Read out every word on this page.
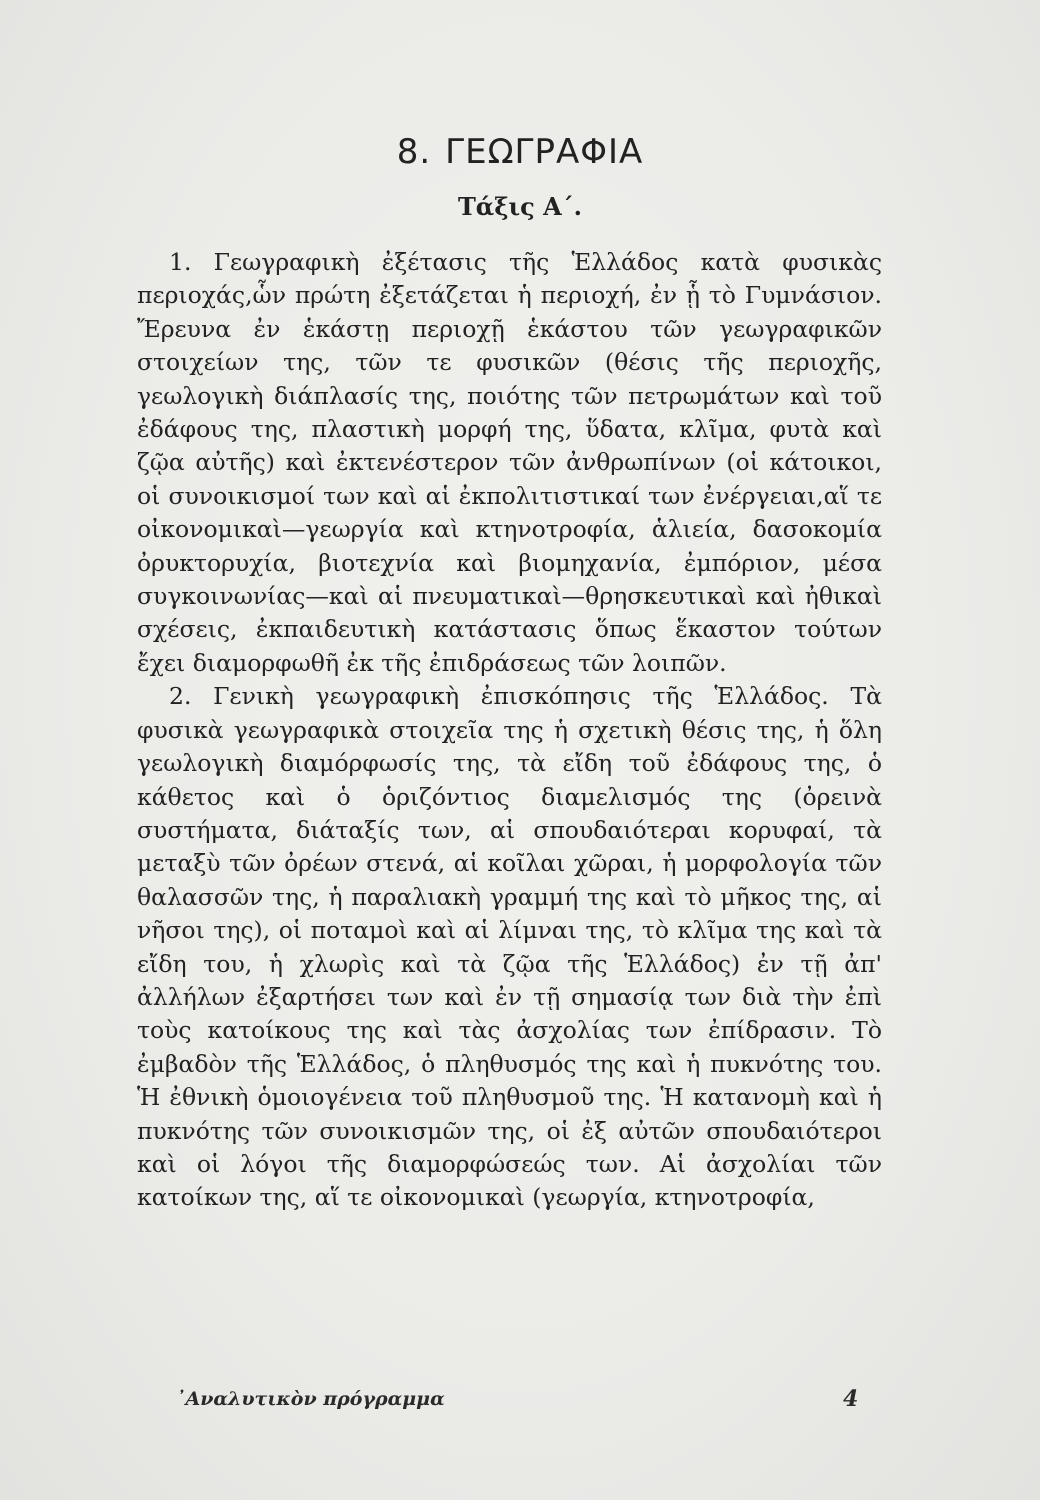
8. ΓΕΩΓΡΑΦΙΑ
Τάξις Α΄.

1. Γεωγραφικὴ ἐξέτασις τῆς Ἑλλάδος κατὰ φυσικὰς περιοχάς,ὧν πρώτη ἐξετάζεται ἡ περιοχή, ἐν ᾗ τὸ Γυμνάσιον. Ἔρευνα ἐν ἑκάστῃ περιοχῇ ἑκάστου τῶν γεωγραφικῶν στοιχείων της, τῶν τε φυσικῶν (θέσις τῆς περιοχῆς, γεωλογικὴ διάπλασίς της, ποιότης τῶν πετρωμάτων καὶ τοῦ ἐδάφους της, πλαστικὴ μορφή της, ὕδατα, κλῖμα, φυτὰ καὶ ζῷα αὐτῆς) καὶ ἐκτενέστερον τῶν ἀνθρωπίνων (οἱ κάτοικοι, οἱ συνοικισμοί των καὶ αἱ ἐκπολιτιστικαί των ἐνέργειαι,αἵ τε οἰκονομικαὶ—γεωργία καὶ κτηνοτροφία, ἁλιεία, δασοκομία ὀρυκτορυχία, βιοτεχνία καὶ βιομηχανία, ἐμπόριον, μέσα συγκοινωνίας—καὶ αἱ πνευματικαὶ—θρησκευτικαὶ καὶ ἠθικαὶ σχέσεις, ἐκπαιδευτικὴ κατάστασις ὅπως ἕκαστον τούτων ἔχει διαμορφωθῆ ἐκ τῆς ἐπιδράσεως τῶν λοιπῶν.

2. Γενικὴ γεωγραφικὴ ἐπισκόπησις τῆς Ἑλλάδος. Τὰ φυσικὰ γεωγραφικὰ στοιχεῖα της ἡ σχετικὴ θέσις της, ἡ ὅλη γεωλογικὴ διαμόρφωσίς της, τὰ εἴδη τοῦ ἐδάφους της, ὁ κάθετος καὶ ὁ ὁριζόντιος διαμελισμός της (ὀρεινὰ συστήματα, διάταξίς των, αἱ σπουδαιότεραι κορυφαί, τὰ μεταξὺ τῶν ὀρέων στενά, αἱ κοῖλαι χῶραι, ἡ μορφολογία τῶν θαλασσῶν της, ἡ παραλιακὴ γραμμή της καὶ τὸ μῆκος της, αἱ νῆσοι της), οἱ ποταμοὶ καὶ αἱ λίμναι της, τὸ κλῖμα της καὶ τὰ εἴδη του, ἡ χλωρὶς καὶ τὰ ζῷα τῆς Ἑλλάδος) ἐν τῇ ἀπ' ἀλλήλων ἐξαρτήσει των καὶ ἐν τῇ σημασίᾳ των διὰ τὴν ἐπὶ τοὺς κατοίκους της καὶ τὰς ἀσχολίας των ἐπίδρασιν. Τὸ ἐμβαδὸν τῆς Ἑλλάδος, ὁ πληθυσμός της καὶ ἡ πυκνότης του. Ἡ ἐθνικὴ ὁμοιογένεια τοῦ πληθυσμοῦ της. Ἡ κατανομὴ καὶ ἡ πυκνότης τῶν συνοικισμῶν της, οἱ ἐξ αὐτῶν σπουδαιότεροι καὶ οἱ λόγοι τῆς διαμορφώσεώς των. Αἱ ἀσχολίαι τῶν κατοίκων της, αἵ τε οἰκονομικαὶ (γεωργία, κτηνοτροφία,

᾿Αναλυτικὸν πρόγραμμα	4
